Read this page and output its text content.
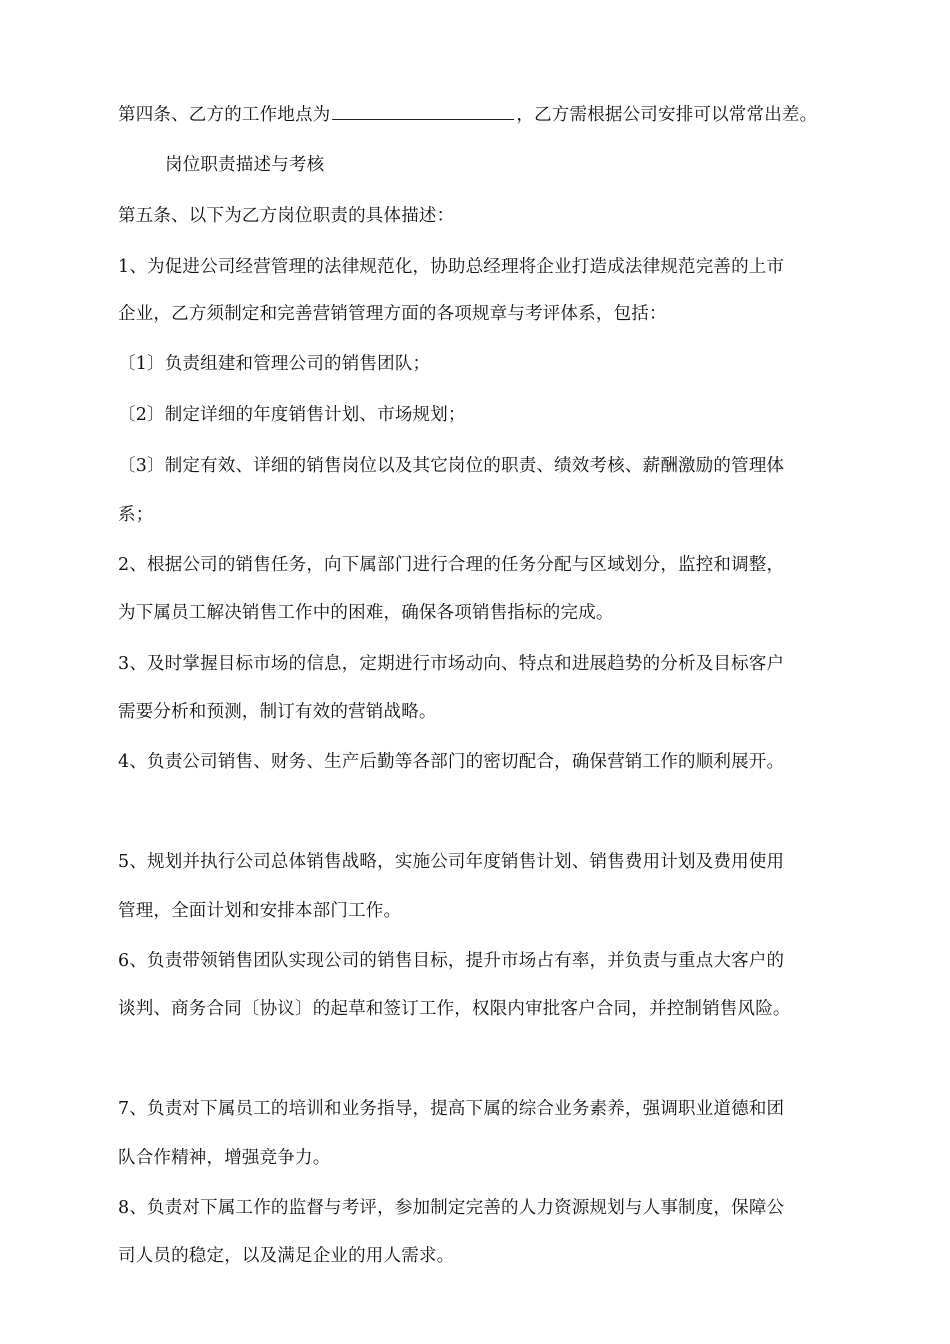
第四条、乙方的工作地点为	，乙方需根据公司安排可以常常出差。
岗位职责描述与考核
第五条、以下为乙方岗位职责的具体描述：
1、为促进公司经营管理的法律规范化，协助总经理将企业打造成法律规范完善的上市
企业，乙方须制定和完善营销管理方面的各项规章与考评体系，包括：
〔1〕负责组建和管理公司的销售团队；
〔2〕制定详细的年度销售计划、市场规划；
〔3〕制定有效、详细的销售岗位以及其它岗位的职责、绩效考核、薪酬激励的管理体
系；
2、根据公司的销售任务，向下属部门进行合理的任务分配与区域划分，监控和调整，
为下属员工解决销售工作中的困难，确保各项销售指标的完成。
3、及时掌握目标市场的信息，定期进行市场动向、特点和进展趋势的分析及目标客户
需要分析和预测，制订有效的营销战略。
4、负责公司销售、财务、生产后勤等各部门的密切配合，确保营销工作的顺利展开。
5、规划并执行公司总体销售战略，实施公司年度销售计划、销售费用计划及费用使用
管理，全面计划和安排本部门工作。
6、负责带领销售团队实现公司的销售目标，提升市场占有率，并负责与重点大客户的
谈判、商务合同〔协议〕的起草和签订工作，权限内审批客户合同，并控制销售风险。
7、负责对下属员工的培训和业务指导，提高下属的综合业务素养，强调职业道德和团
队合作精神，增强竞争力。
8、负责对下属工作的监督与考评，参加制定完善的人力资源规划与人事制度，保障公
司人员的稳定，以及满足企业的用人需求。
